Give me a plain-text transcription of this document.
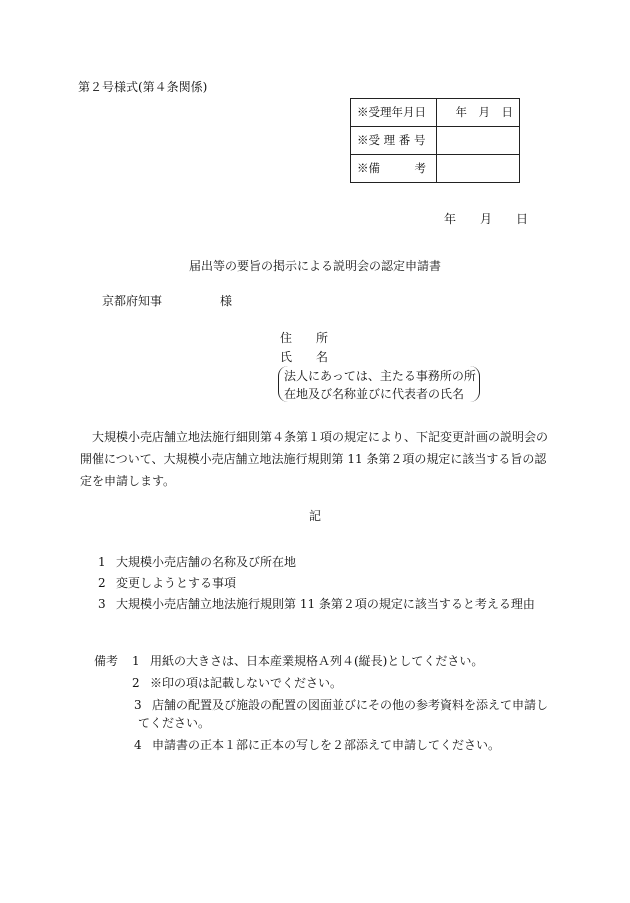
第２号様式(第４条関係)
※受理年月日	年　月　日
※受 理 番 号	
※備　　　考	
年　　月　　日
届出等の要旨の掲示による説明会の認定申請書
京都府知事	様
住　　所
氏　　名
法人にあっては、主たる事務所の所
在地及び名称並びに代表者の氏名
大規模小売店舗立地法施行細則第４条第１項の規定により、下記変更計画の説明会の
開催について、大規模小売店舗立地法施行規則第 11 条第２項の規定に該当する旨の認
定を申請します。
記
1 大規模小売店舗の名称及び所在地
2 変更しようとする事項
3 大規模小売店舗立地法施行規則第 11 条第２項の規定に該当すると考える理由
備考 1 用紙の大きさは、日本産業規格Ａ列４(縦長)としてください。
2 ※印の項は記載しないでください。
3 店舗の配置及び施設の配置の図面並びにその他の参考資料を添えて申請し
てください。
4 申請書の正本１部に正本の写しを２部添えて申請してください。
